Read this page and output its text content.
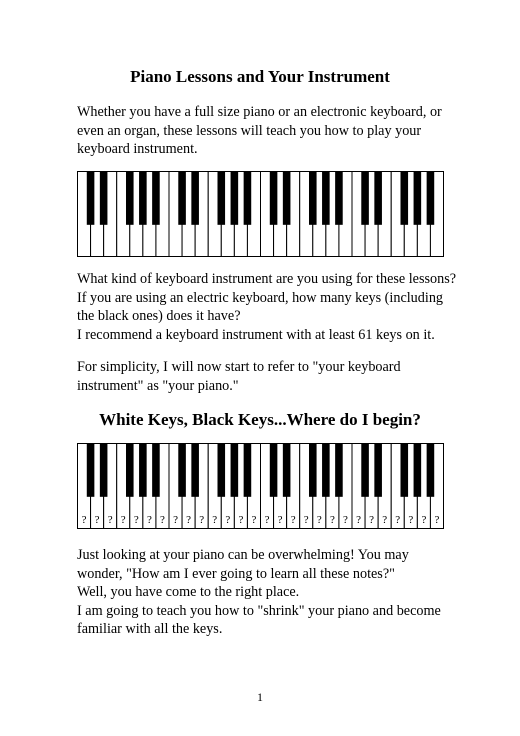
Piano Lessons and Your Instrument

Whether you have a full size piano or an electronic keyboard, or
even an organ, these lessons will teach you how to play your
keyboard instrument.

What kind of keyboard instrument are you using for these lessons?
If you are using an electric keyboard, how many keys (including
the black ones) does it have?
I recommend a keyboard instrument with at least 61 keys on it.

For simplicity, I will now start to refer to "your keyboard
instrument" as "your piano."

White Keys, Black Keys...Where do I begin?
? ? ? ? ? ? ? ? ? ? ? ? ? ? ? ? ? ? ? ? ? ? ? ? ? ? ? ?

Just looking at your piano can be overwhelming! You may
wonder, "How am I ever going to learn all these notes?"
Well, you have come to the right place.
I am going to teach you how to "shrink" your piano and become
familiar with all the keys.

1
